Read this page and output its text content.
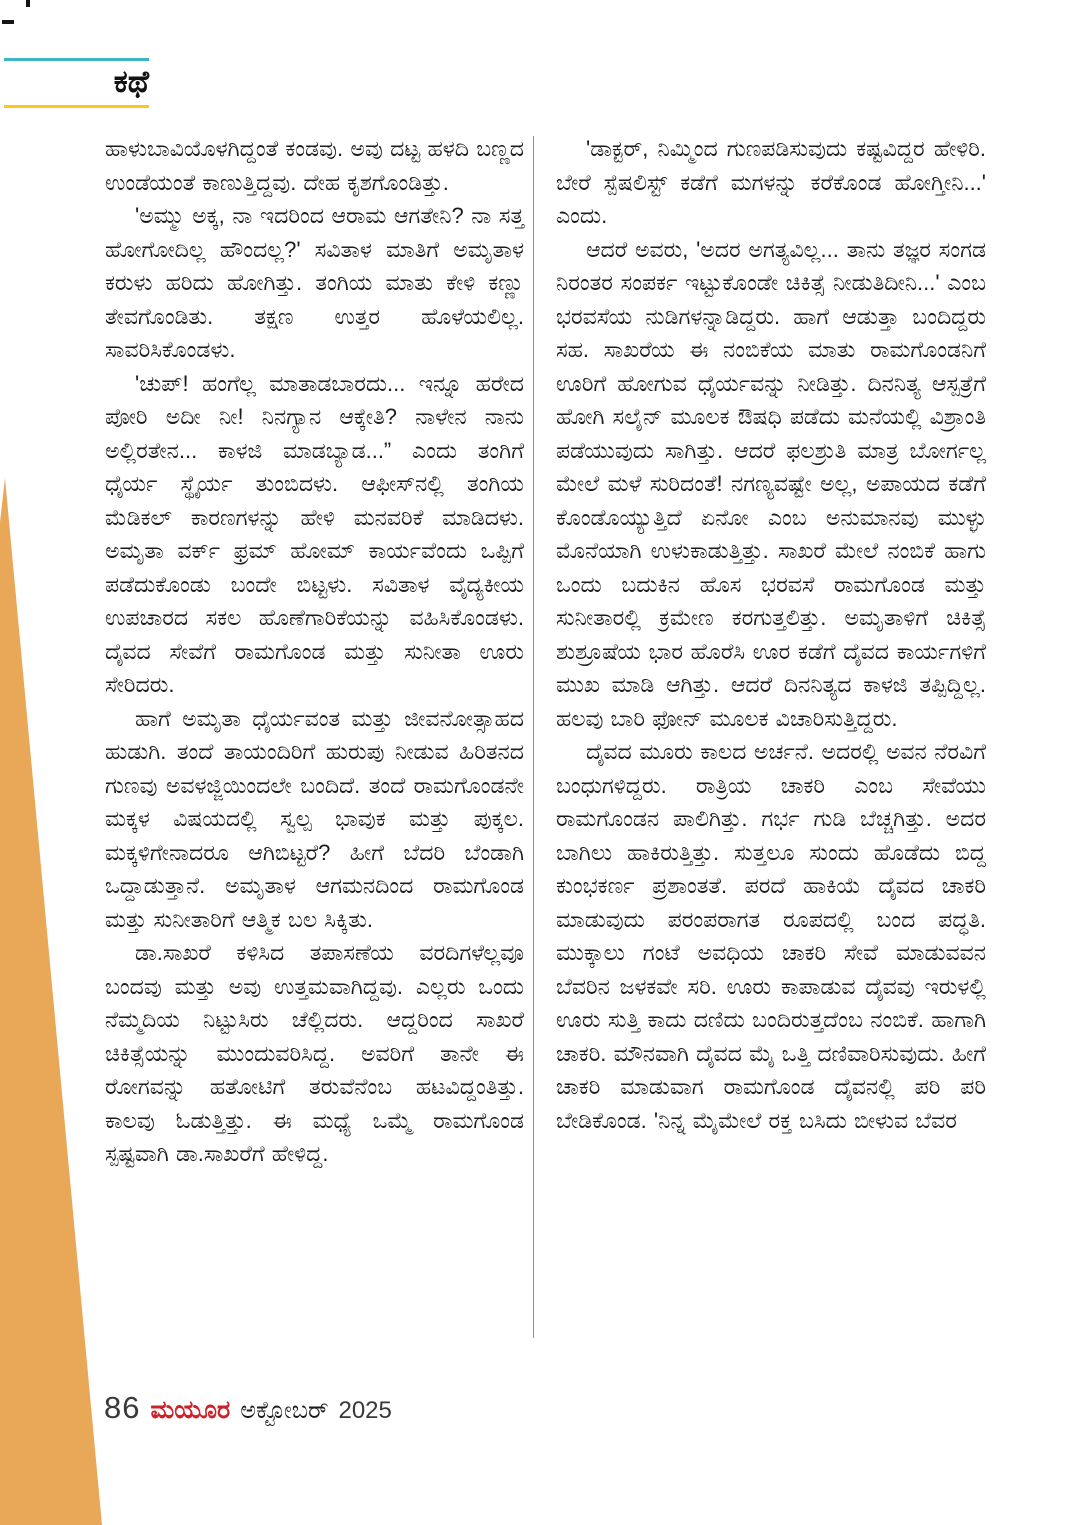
ಕಥೆ

ಹಾಳುಬಾವಿಯೊಳಗಿದ್ದಂತೆ ಕಂಡವು. ಅವು ದಟ್ಟ ಹಳದಿ ಬಣ್ಣದ ಉಂಡೆಯಂತೆ ಕಾಣುತ್ತಿದ್ದವು. ದೇಹ ಕೃಶಗೊಂಡಿತ್ತು.

'ಅಮ್ಮು ಅಕ್ಕ, ನಾ ಇದರಿಂದ ಆರಾಮ ಆಗತೇನಿ? ನಾ ಸತ್ತ ಹೋಗೋದಿಲ್ಲ ಹೌಂದಲ್ಲ?' ಸವಿತಾಳ ಮಾತಿಗೆ ಅಮೃತಾಳ ಕರುಳು ಹರಿದು ಹೋಗಿತ್ತು. ತಂಗಿಯ ಮಾತು ಕೇಳಿ ಕಣ್ಣು ತೇವಗೊಂಡಿತು. ತಕ್ಷಣ ಉತ್ತರ ಹೊಳೆಯಲಿಲ್ಲ. ಸಾವರಿಸಿಕೊಂಡಳು.

'ಚುಪ್! ಹಂಗೆಲ್ಲ ಮಾತಾಡಬಾರದು... ಇನ್ನೂ ಹರೇದ ಪೋರಿ ಅದೀ ನೀ! ನಿನಗ್ಯಾನ ಆಕ್ಕೇತಿ? ನಾಳೇನ ನಾನು ಅಲ್ಲಿರತೇನ... ಕಾಳಜಿ ಮಾಡಬ್ಯಾಡ...” ಎಂದು ತಂಗಿಗೆ ಧೈರ್ಯ ಸ್ಥೈರ್ಯ ತುಂಬಿದಳು. ಆಫೀಸ್‌ನಲ್ಲಿ ತಂಗಿಯ ಮೆಡಿಕಲ್ ಕಾರಣಗಳನ್ನು ಹೇಳಿ ಮನವರಿಕೆ ಮಾಡಿದಳು. ಅಮೃತಾ ವರ್ಕ್ ಫ್ರಮ್ ಹೋಮ್ ಕಾರ್ಯವೆಂದು ಒಪ್ಪಿಗೆ ಪಡೆದುಕೊಂಡು ಬಂದೇ ಬಿಟ್ಟಳು. ಸವಿತಾಳ ವೈದ್ಯಕೀಯ ಉಪಚಾರದ ಸಕಲ ಹೊಣೆಗಾರಿಕೆಯನ್ನು ವಹಿಸಿಕೊಂಡಳು. ದೈವದ ಸೇವೆಗೆ ರಾಮಗೊಂಡ ಮತ್ತು ಸುನೀತಾ ಊರು ಸೇರಿದರು.

ಹಾಗೆ ಅಮೃತಾ ಧೈರ್ಯವಂತ ಮತ್ತು ಜೀವನೋತ್ಸಾಹದ ಹುಡುಗಿ. ತಂದೆ ತಾಯಂದಿರಿಗೆ ಹುರುಪು ನೀಡುವ ಹಿರಿತನದ ಗುಣವು ಅವಳಜ್ಜಿಯಿಂದಲೇ ಬಂದಿದೆ. ತಂದೆ ರಾಮಗೊಂಡನೇ ಮಕ್ಕಳ ವಿಷಯದಲ್ಲಿ ಸ್ವಲ್ಪ ಭಾವುಕ ಮತ್ತು ಪುಕ್ಕಲ. ಮಕ್ಕಳಿಗೇನಾದರೂ ಆಗಿಬಿಟ್ಟರೆ? ಹೀಗೆ ಬೆದರಿ ಬೆಂಡಾಗಿ ಒದ್ದಾಡುತ್ತಾನೆ. ಅಮೃತಾಳ ಆಗಮನದಿಂದ ರಾಮಗೊಂಡ ಮತ್ತು ಸುನೀತಾರಿಗೆ ಆತ್ಮಿಕ ಬಲ ಸಿಕ್ಕಿತು.

ಡಾ.ಸಾಖರೆ ಕಳಿಸಿದ ತಪಾಸಣೆಯ ವರದಿಗಳೆಲ್ಲವೂ ಬಂದವು ಮತ್ತು ಅವು ಉತ್ತಮವಾಗಿದ್ದವು. ಎಲ್ಲರು ಒಂದು ನೆಮ್ಮದಿಯ ನಿಟ್ಟುಸಿರು ಚೆಲ್ಲಿದರು. ಆದ್ದರಿಂದ ಸಾಖರೆ ಚಿಕಿತ್ಸೆಯನ್ನು ಮುಂದುವರಿಸಿದ್ದ. ಅವರಿಗೆ ತಾನೇ ಈ ರೋಗವನ್ನು ಹತೋಟಿಗೆ ತರುವೆನೆಂಬ ಹಟವಿದ್ದಂತಿತ್ತು. ಕಾಲವು ಓಡುತ್ತಿತ್ತು. ಈ ಮಧ್ಯೆ ಒಮ್ಮೆ ರಾಮಗೊಂಡ ಸ್ಪಷ್ಟವಾಗಿ ಡಾ.ಸಾಖರೆಗೆ ಹೇಳಿದ್ದ.

'ಡಾಕ್ಟರ್, ನಿಮ್ಮಿಂದ ಗುಣಪಡಿಸುವುದು ಕಷ್ಟವಿದ್ದರ ಹೇಳಿರಿ. ಬೇರೆ ಸ್ಪೆಷಲಿಸ್ಟ್ ಕಡೆಗೆ ಮಗಳನ್ನು ಕರೆಕೊಂಡ ಹೋಗ್ತೀನಿ...' ಎಂದು.

ಆದರೆ ಅವರು, 'ಅದರ ಅಗತ್ಯವಿಲ್ಲ... ತಾನು ತಜ್ಞರ ಸಂಗಡ ನಿರಂತರ ಸಂಪರ್ಕ ಇಟ್ಟುಕೊಂಡೇ ಚಿಕಿತ್ಸೆ ನೀಡುತಿದೀನಿ...' ಎಂಬ ಭರವಸೆಯ ನುಡಿಗಳನ್ನಾಡಿದ್ದರು. ಹಾಗೆ ಆಡುತ್ತಾ ಬಂದಿದ್ದರು ಸಹ. ಸಾಖರೆಯ ಈ ನಂಬಿಕೆಯ ಮಾತು ರಾಮಗೊಂಡನಿಗೆ ಊರಿಗೆ ಹೋಗುವ ಧೈರ್ಯವನ್ನು ನೀಡಿತ್ತು. ದಿನನಿತ್ಯ ಆಸ್ಪತ್ರೆಗೆ ಹೋಗಿ ಸಲೈನ್ ಮೂಲಕ ಔಷಧಿ ಪಡೆದು ಮನೆಯಲ್ಲಿ ವಿಶ್ರಾಂತಿ ಪಡೆಯುವುದು ಸಾಗಿತ್ತು. ಆದರೆ ಫಲಶ್ರುತಿ ಮಾತ್ರ ಬೋರ್ಗಲ್ಲ ಮೇಲೆ ಮಳೆ ಸುರಿದಂತೆ! ನಗಣ್ಯವಷ್ಟೇ ಅಲ್ಲ, ಅಪಾಯದ ಕಡೆಗೆ ಕೊಂಡೊಯ್ಯುತ್ತಿದೆ ಏನೋ ಎಂಬ ಅನುಮಾನವು ಮುಳ್ಳು ಮೊನೆಯಾಗಿ ಉಳುಕಾಡುತ್ತಿತ್ತು. ಸಾಖರೆ ಮೇಲೆ ನಂಬಿಕೆ ಹಾಗು ಒಂದು ಬದುಕಿನ ಹೊಸ ಭರವಸೆ ರಾಮಗೊಂಡ ಮತ್ತು ಸುನೀತಾರಲ್ಲಿ ಕ್ರಮೇಣ ಕರಗುತ್ತಲಿತ್ತು. ಅಮೃತಾಳಿಗೆ ಚಿಕಿತ್ಸೆ ಶುಶ್ರೂಷೆಯ ಭಾರ ಹೊರೆಸಿ ಊರ ಕಡೆಗೆ ದೈವದ ಕಾರ್ಯಗಳಿಗೆ ಮುಖ ಮಾಡಿ ಆಗಿತ್ತು. ಆದರೆ ದಿನನಿತ್ಯದ ಕಾಳಜಿ ತಪ್ಪಿದ್ದಿಲ್ಲ. ಹಲವು ಬಾರಿ ಫೋನ್ ಮೂಲಕ ವಿಚಾರಿಸುತ್ತಿದ್ದರು.

ದೈವದ ಮೂರು ಕಾಲದ ಅರ್ಚನೆ. ಅದರಲ್ಲಿ ಅವನ ನೆರವಿಗೆ ಬಂಧುಗಳಿದ್ದರು. ರಾತ್ರಿಯ ಚಾಕರಿ ಎಂಬ ಸೇವೆಯು ರಾಮಗೊಂಡನ ಪಾಲಿಗಿತ್ತು. ಗರ್ಭ ಗುಡಿ ಬೆಚ್ಚಗಿತ್ತು. ಅದರ ಬಾಗಿಲು ಹಾಕಿರುತ್ತಿತ್ತು. ಸುತ್ತಲೂ ಸುಂದು ಹೊಡೆದು ಬಿದ್ದ ಕುಂಭಕರ್ಣ ಪ್ರಶಾಂತತೆ. ಪರದೆ ಹಾಕಿಯೆ ದೈವದ ಚಾಕರಿ ಮಾಡುವುದು ಪರಂಪರಾಗತ ರೂಪದಲ್ಲಿ ಬಂದ ಪದ್ಧತಿ. ಮುಕ್ಕಾಲು ಗಂಟೆ ಅವಧಿಯ ಚಾಕರಿ ಸೇವೆ ಮಾಡುವವನ ಬೆವರಿನ ಜಳಕವೇ ಸರಿ. ಊರು ಕಾಪಾಡುವ ದೈವವು ಇರುಳಲ್ಲಿ ಊರು ಸುತ್ತಿ ಕಾದು ದಣಿದು ಬಂದಿರುತ್ತದೆಂಬ ನಂಬಿಕೆ. ಹಾಗಾಗಿ ಚಾಕರಿ. ಮೌನವಾಗಿ ದೈವದ ಮೈ ಒತ್ತಿ ದಣಿವಾರಿಸುವುದು. ಹೀಗೆ ಚಾಕರಿ ಮಾಡುವಾಗ ರಾಮಗೊಂಡ ದೈವನಲ್ಲಿ ಪರಿ ಪರಿ ಬೇಡಿಕೊಂಡ. 'ನಿನ್ನ ಮೈಮೇಲೆ ರಕ್ತ ಬಸಿದು ಬೀಳುವ ಬೆವರ

86 ಮಯೂರ ಅಕ್ಟೋಬರ್ 2025
